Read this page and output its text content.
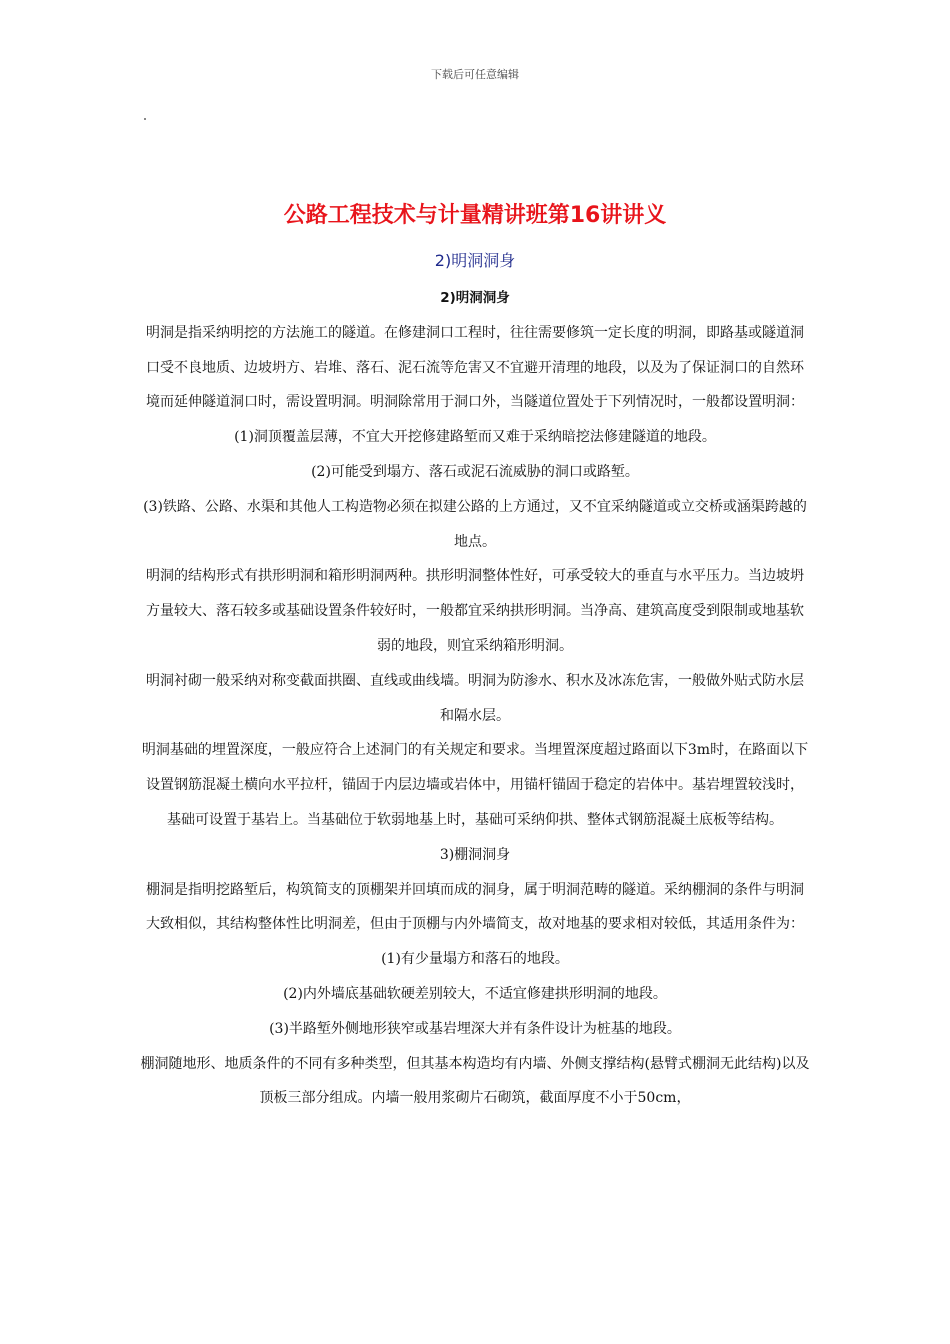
下载后可任意编辑
公路工程技术与计量精讲班第16讲讲义
2)明洞洞身

2)明洞洞身

明洞是指采纳明挖的方法施工的隧道。在修建洞口工程时，往往需要修筑一定长度的明洞，即路基或隧道洞口受不良地质、边坡坍方、岩堆、落石、泥石流等危害又不宜避开清理的地段，以及为了保证洞口的自然环境而延伸隧道洞口时，需设置明洞。明洞除常用于洞口外，当隧道位置处于下列情况时，一般都设置明洞：

(1)洞顶覆盖层薄，不宜大开挖修建路堑而又难于采纳暗挖法修建隧道的地段。

(2)可能受到塌方、落石或泥石流威胁的洞口或路堑。

(3)铁路、公路、水渠和其他人工构造物必须在拟建公路的上方通过，又不宜采纳隧道或立交桥或涵渠跨越的地点。

明洞的结构形式有拱形明洞和箱形明洞两种。拱形明洞整体性好，可承受较大的垂直与水平压力。当边坡坍方量较大、落石较多或基础设置条件较好时，一般都宜采纳拱形明洞。当净高、建筑高度受到限制或地基软弱的地段，则宜采纳箱形明洞。

明洞衬砌一般采纳对称变截面拱圈、直线或曲线墙。明洞为防渗水、积水及冰冻危害，一般做外贴式防水层和隔水层。

明洞基础的埋置深度，一般应符合上述洞门的有关规定和要求。当埋置深度超过路面以下3m时，在路面以下设置钢筋混凝土横向水平拉杆，锚固于内层边墙或岩体中，用锚杆锚固于稳定的岩体中。基岩埋置较浅时，基础可设置于基岩上。当基础位于软弱地基上时，基础可采纳仰拱、整体式钢筋混凝土底板等结构。

3)棚洞洞身

棚洞是指明挖路堑后，构筑简支的顶棚架并回填而成的洞身，属于明洞范畴的隧道。采纳棚洞的条件与明洞大致相似，其结构整体性比明洞差，但由于顶棚与内外墙简支，故对地基的要求相对较低，其适用条件为：

(1)有少量塌方和落石的地段。

(2)内外墙底基础软硬差别较大，不适宜修建拱形明洞的地段。

(3)半路堑外侧地形狭窄或基岩埋深大并有条件设计为桩基的地段。

棚洞随地形、地质条件的不同有多种类型，但其基本构造均有内墙、外侧支撑结构(悬臂式棚洞无此结构)以及顶板三部分组成。内墙一般用浆砌片石砌筑，截面厚度不小于50cm，
